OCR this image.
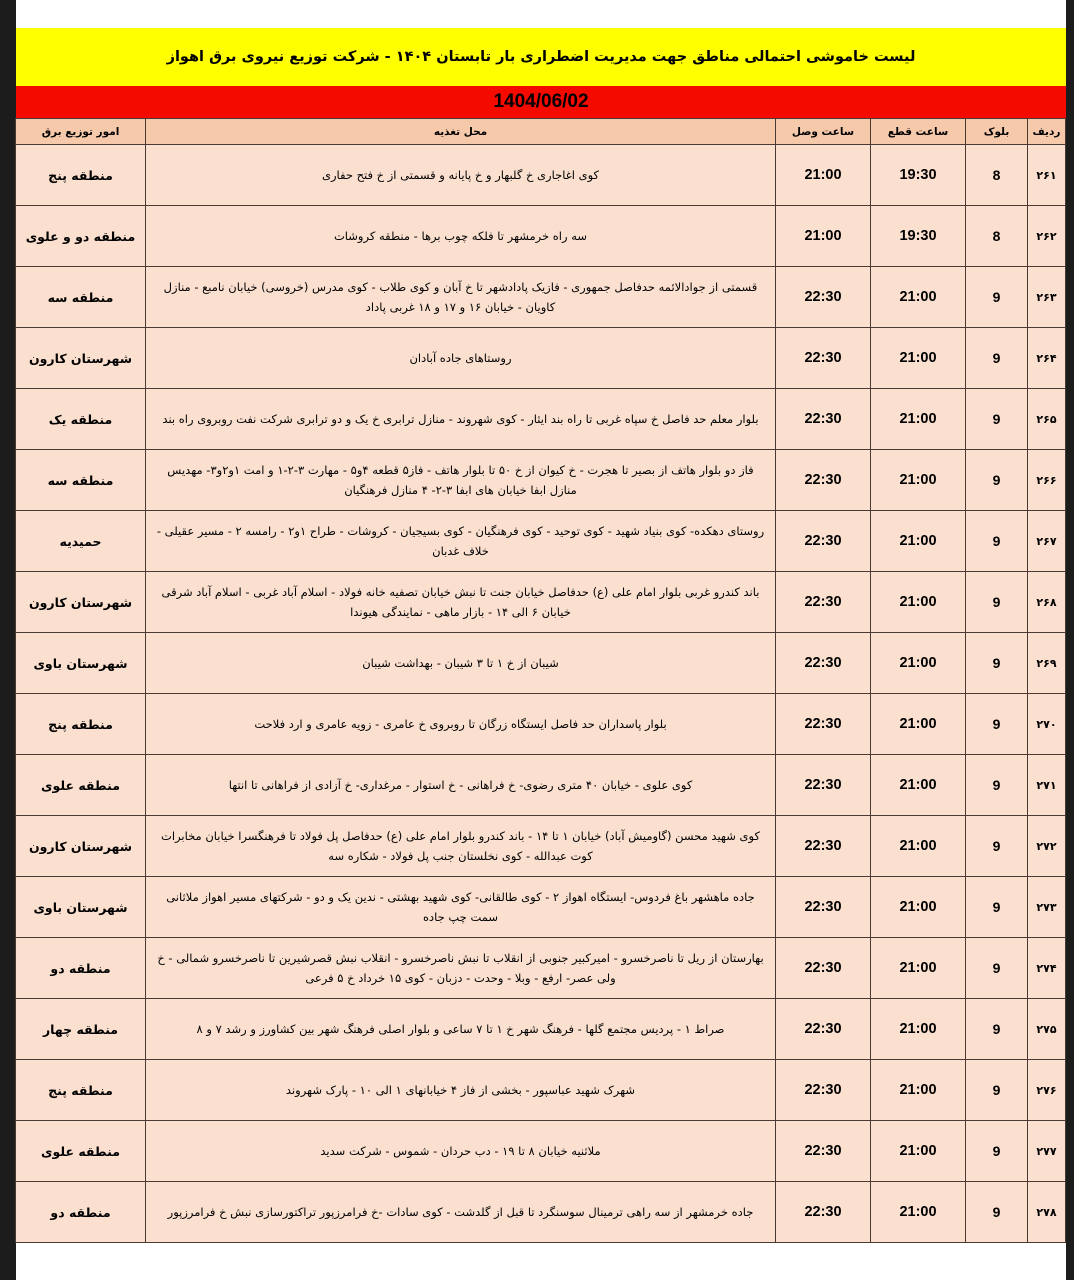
لیست خاموشی احتمالی مناطق جهت مدیریت اضطراری بار تابستان ۱۴۰۴ - شرکت توزیع نیروی برق اهواز
1404/06/02
ردیف	بلوک	ساعت قطع	ساعت وصل	محل تغذیه	امور توزیع برق
۲۶۱	8	19:30	21:00	کوی اغاجاری خ گلبهار و خ پایانه و قسمتی از خ فتح حفاری	منطقه پنج
۲۶۲	8	19:30	21:00	سه راه خرمشهر تا فلکه چوب برها - منطقه کروشات	منطقه دو و علوی
۲۶۳	9	21:00	22:30	قسمتی از جوادالائمه حدفاصل جمهوری - فازیک پادادشهر تا خ آبان و کوی طلاب - کوی مدرس (خروسی) خیابان نامبع - منازل کاویان - خیابان ۱۶ و ۱۷ و ۱۸ غربی پاداد	منطقه سه
۲۶۴	9	21:00	22:30	روستاهای جاده آبادان	شهرستان کارون
۲۶۵	9	21:00	22:30	بلوار معلم حد فاصل خ سپاه غربی تا راه بند ایثار - کوی شهروند - منازل ترابری خ یک و دو ترابری شرکت نفت روبروی راه بند	منطقه یک
۲۶۶	9	21:00	22:30	فاز دو بلوار هاتف از بصیر تا هجرت - خ کیوان از خ ۵۰ تا بلوار هاتف - فاز۵ قطعه ۴و۵ - مهارت ۳-۲-۱ و امت ۱و۲و۳- مهدیس منازل ابفا خیابان های ابفا ۳-۲- ۴ منازل فرهنگیان	منطقه سه
۲۶۷	9	21:00	22:30	روستای دهکده- کوی بنیاد شهید - کوی توحید - کوی فرهنگیان - کوی بسیجیان - کروشات - طراح ۱و۲ - رامسه ۲ - مسیر عقیلی - خلاف غدبان	حمیدیه
۲۶۸	9	21:00	22:30	باند کندرو غربی بلوار امام علی (ع) حدفاصل خیابان جنت تا نبش خیابان تصفیه خانه فولاد - اسلام آباد غربی - اسلام آباد شرقی خیابان ۶ الی ۱۴ - بازار ماهی - نمایندگی هیوندا	شهرستان کارون
۲۶۹	9	21:00	22:30	شیبان از خ ۱ تا ۳ شیبان - بهداشت شیبان	شهرستان باوی
۲۷۰	9	21:00	22:30	بلوار پاسداران حد فاصل ایستگاه زرگان تا روبروی خ عامری - زویه عامری و ارد فلاحت	منطقه پنج
۲۷۱	9	21:00	22:30	کوی علوی - خیابان ۴۰ متری رضوی- خ فراهانی - خ استوار - مرغداری- خ آزادی از فراهانی تا انتها	منطقه علوی
۲۷۲	9	21:00	22:30	کوی شهید محسن (گاومیش آباد) خیابان ۱ تا ۱۴ - باند کندرو بلوار امام علی (ع) حدفاصل پل فولاد تا فرهنگسرا خیابان مخابرات کوت عبدالله - کوی نخلستان جنب پل فولاد - شکاره سه	شهرستان کارون
۲۷۳	9	21:00	22:30	جاده ماهشهر باغ فردوس- ایستگاه اهواز ۲ - کوی طالقانی- کوی شهید بهشتی - ندین یک و دو - شرکتهای مسیر اهواز ملاثانی سمت چپ جاده	شهرستان باوی
۲۷۴	9	21:00	22:30	بهارستان از ریل تا ناصرخسرو - امیرکبیر جنوبی از انقلاب تا نبش ناصرخسرو - انقلاب نبش قصرشیرین تا ناصرخسرو شمالی - خ ولی عصر- ارفع - وبلا - وحدت - دزبان - کوی ۱۵ خرداد خ ۵ فرعی	منطقه دو
۲۷۵	9	21:00	22:30	صراط ۱ - پردیس مجتمع گلها - فرهنگ شهر خ ۱ تا ۷ ساعی و بلوار اصلی فرهنگ شهر بین کشاورز و رشد ۷ و ۸	منطقه چهار
۲۷۶	9	21:00	22:30	شهرک شهید عباسپور - بخشی از فاز ۴ خیابانهای ۱ الی ۱۰ - پارک شهروند	منطقه پنج
۲۷۷	9	21:00	22:30	ملاثنیه خیابان ۸ تا ۱۹ - دب حردان - شموس - شرکت سدید	منطقه علوی
۲۷۸	9	21:00	22:30	جاده خرمشهر از سه راهی ترمینال سوسنگرد تا قبل از گلدشت - کوی سادات -خ فرامرزپور تراکتورسازی نبش خ فرامرزپور	منطقه دو
